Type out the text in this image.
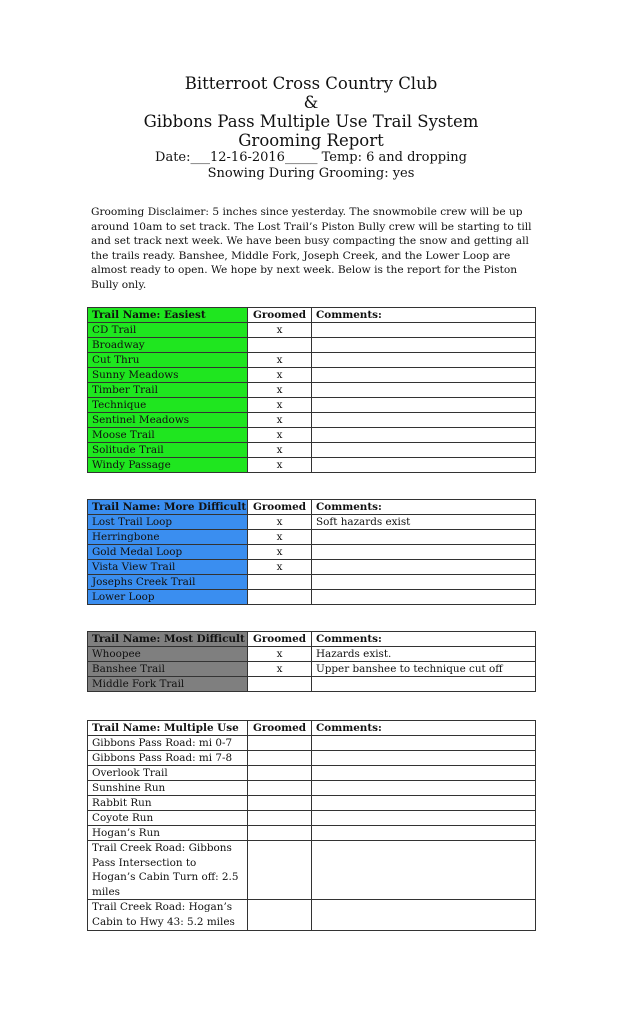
Bitterroot Cross Country Club
&
Gibbons Pass Multiple Use Trail System
Grooming Report
Date:___12-16-2016_____ Temp: 6 and dropping
Snowing During Grooming: yes
Grooming Disclaimer: 5 inches since yesterday. The snowmobile crew will be up around 10am to set track. The Lost Trail’s Piston Bully crew will be starting to till and set track next week. We have been busy compacting the snow and getting all the trails ready. Banshee, Middle Fork, Joseph Creek, and the Lower Loop are almost ready to open. We hope by next week. Below is the report for the Piston Bully only.
Trail Name: Easiest	Groomed	Comments:
CD Trail	x	
Broadway		
Cut Thru	x	
Sunny Meadows	x	
Timber Trail	x	
Technique	x	
Sentinel Meadows	x	
Moose Trail	x	
Solitude Trail	x	
Windy Passage	x	
Trail Name: More Difficult	Groomed	Comments:
Lost Trail Loop	x	Soft hazards exist
Herringbone	x	
Gold Medal Loop	x	
Vista View Trail	x	
Josephs Creek Trail		
Lower Loop		
Trail Name: Most Difficult	Groomed	Comments:
Whoopee	x	Hazards exist.
Banshee Trail	x	Upper banshee to technique cut off
Middle Fork Trail		
Trail Name: Multiple Use	Groomed	Comments:
Gibbons Pass Road: mi 0-7		
Gibbons Pass Road: mi 7-8		
Overlook Trail		
Sunshine Run		
Rabbit Run		
Coyote Run		
Hogan’s Run		
Trail Creek Road: Gibbons Pass Intersection to Hogan’s Cabin Turn off: 2.5 miles		
Trail Creek Road: Hogan’s Cabin to Hwy 43: 5.2 miles		
